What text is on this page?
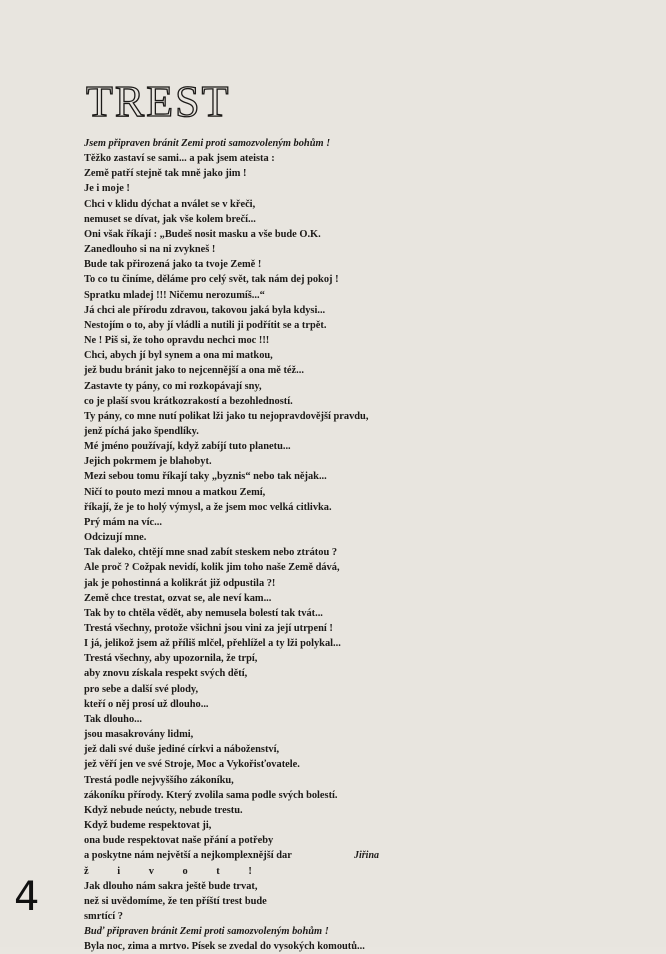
TREST
Jsem připraven bránit Zemi proti samozvoleným bohům !
Těžko zastaví se sami... a pak jsem ateista :
Země patří stejně tak mně jako jim !
Je i moje !
Chci v klidu dýchat a nválet se v křeči,
nemuset se dívat, jak vše kolem brečí...
Oni však říkají : „Budeš nosit masku a vše bude O.K.
Zanedlouho si na ni zvykneš !
Bude tak přirozená jako ta tvoje Země !
To co tu činíme, děláme pro celý svět, tak nám dej pokoj !
Spratku mladej !!! Ničemu nerozumíš...“
Já chci ale přírodu zdravou, takovou jaká byla kdysi...
Nestojím o to, aby jí vládli a nutili ji podřítit se a trpět.
Ne ! Piš si, že toho opravdu nechci moc !!!
Chci, abych jí byl synem a ona mi matkou,
jež budu bránit jako to nejcennější a ona mě též...
Zastavte ty pány, co mi rozkopávají sny,
co je plaší svou krátkozrakostí a bezohledností.
Ty pány, co mne nutí polikat lži jako tu nejopravdovější pravdu,
jenž píchá jako špendlíky.
Mé jméno používají, když zabíjí tuto planetu...
Jejich pokrmem je blahobyt.
Mezi sebou tomu říkají taky „byznis“ nebo tak nějak...
Ničí to pouto mezi mnou a matkou Zemí,
říkají, že je to holý výmysl, a že jsem moc velká citlivka.
Prý mám na víc...
Odcizují mne.
Tak daleko, chtějí mne snad zabít steskem nebo ztrátou ?
Ale proč ? Cožpak nevidí, kolik jim toho naše Země dává,
jak je pohostinná a kolikrát již odpustila ?!
Země chce trestat, ozvat se, ale neví kam...
Tak by to chtěla vědět, aby nemusela bolestí tak tvát...
Trestá všechny, protože všichni jsou vini za její utrpení !
I já, jelikož jsem až příliš mlčel, přehlížel a ty lži polykal...
Trestá všechny, aby upozornila, že trpí,
aby znovu získala respekt svých dětí,
pro sebe a další své plody,
kteří o něj prosí už dlouho...
Tak dlouho...
jsou masakrovány lidmi,
jež dali své duše jediné církvi a náboženství,
jež věří jen ve své Stroje, Moc a Vykořisťovatele.
Trestá podle nejvyššího zákoníku,
zákoníku přírody. Který zvolila sama podle svých bolestí.
Když nebude neúcty, nebude trestu.
Když budeme respektovat ji,
ona bude respektovat naše přání a potřeby
a poskytne nám největší a nejkomplexnější dar
ž i v o t !
Jak dlouho nám sakra ještě bude trvat,
než si uvědomíme, že ten příští trest bude
smrtící ?
Buď připraven bránit Zemi proti samozvoleným bohům !
Byla noc, zima a mrtvo. Písek se zvedal do vysokých komoutů...
Jiřina
4
